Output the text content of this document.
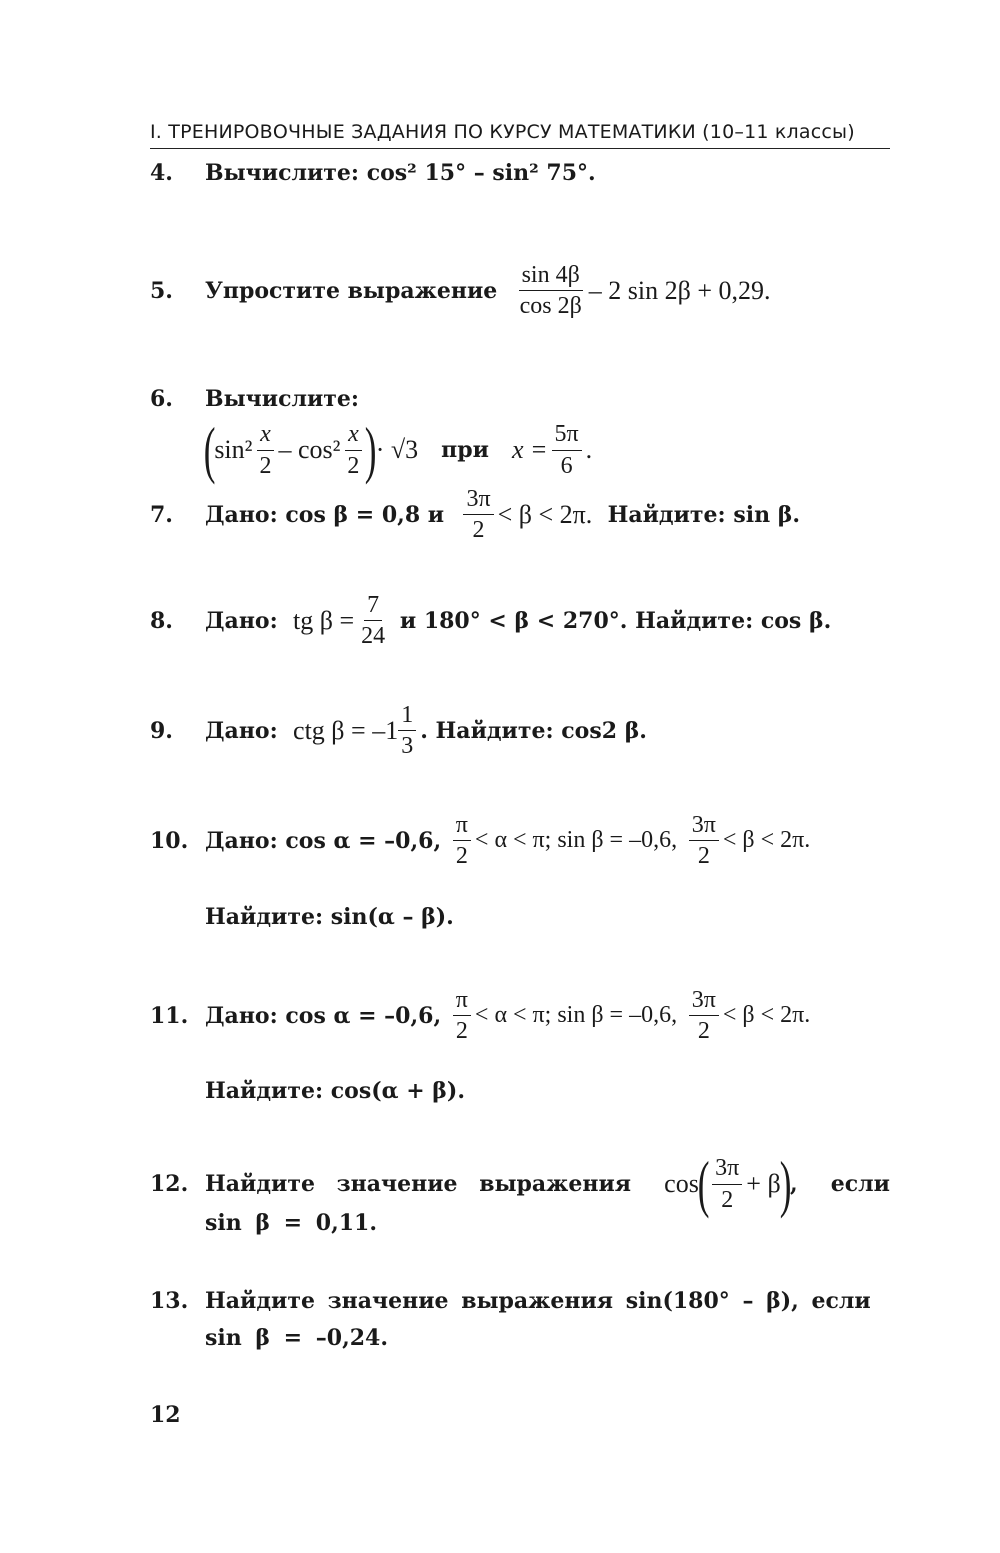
I. ТРЕНИРОВОЧНЫЕ ЗАДАНИЯ ПО КУРСУ МАТЕМАТИКИ (10–11 классы)
4.	Вычислите:
cos² 15° – sin² 75°.
5.	Упростите выражение
$\frac{\sin 4\beta}{\cos 2\beta} - 2$ sin 2β + 0,29.
6.	Вычислите:
(
$\sin^2 \frac{x}{2} - \cos^2 \frac{x}{2}$ )
· √3
при
$x = \frac{5\pi}{6}$ .
7.	Дано: cos β = 0,8 и
$\frac{3\pi}{2} < \beta < 2\pi$.
Найдите: sin β.
8.	Дано:
tg $\beta = \frac{7}{24}$
и 180° < β < 270°. Найдите: cos β.
9.	Дано:
ctg $\beta = -1 \frac{1}{3}$ . Найдите: cos2 β.
10. Дано: cos α = –0,6,
$\frac{\pi}{2} < \alpha < \pi$; sin β = –0,6,
$\frac{3\pi}{2} < \beta < 2\pi$.
Найдите: sin(α – β).
11. Дано: cos α = –0,6,
$\frac{\pi}{2} < \alpha < \pi$; sin β = –0,6,
$\frac{3\pi}{2} < \beta < 2\pi$.
Найдите: cos(α + β).
12. Найдите значение выражения cos
( $\frac{3\pi}{2} + \beta$
)
, если
sin β = 0,11.
13. Найдите значение выражения sin(180° – β), если
sin β = –0,24.
12
